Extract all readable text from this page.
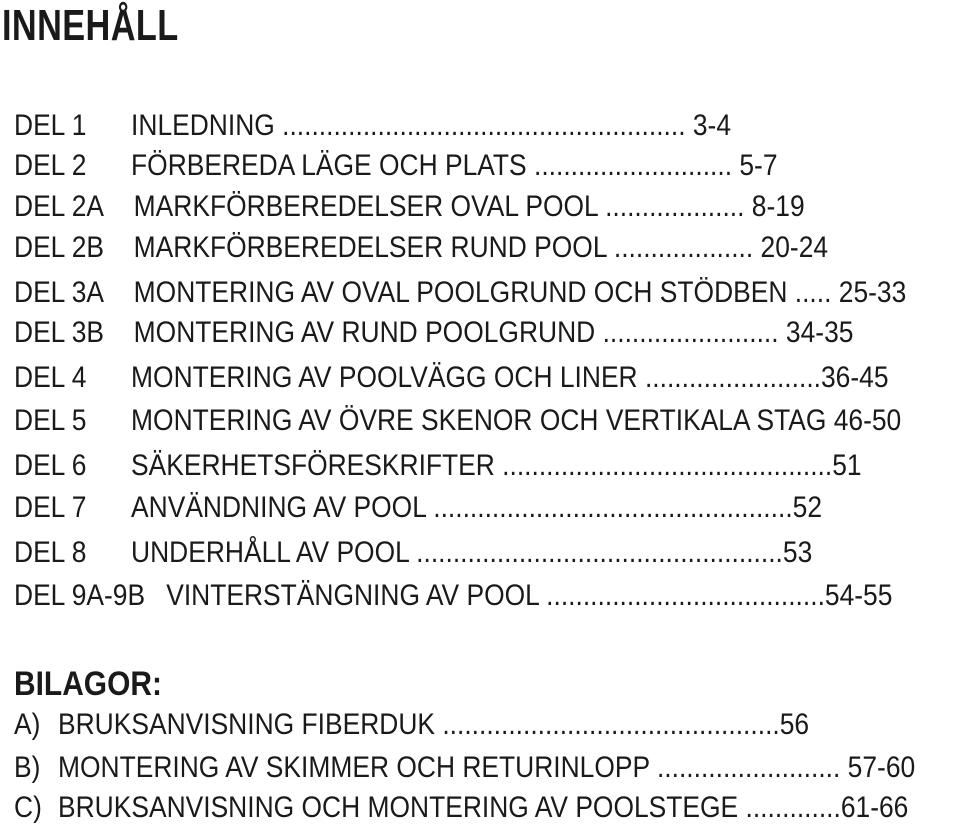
INNEHÅLL
DEL 1 INLEDNING ....................................................... 3-4
DEL 2 FÖRBEREDA LÄGE OCH PLATS ........................... 5-7
DEL 2A MARKFÖRBEREDELSER OVAL POOL ................... 8-19
DEL 2B MARKFÖRBEREDELSER RUND POOL ................... 20-24
DEL 3A MONTERING AV OVAL POOLGRUND OCH STÖDBEN ..... 25-33
DEL 3B MONTERING AV RUND POOLGRUND ........................ 34-35
DEL 4 MONTERING AV POOLVÄGG OCH LINER ........................36-45
DEL 5 MONTERING AV ÖVRE SKENOR OCH VERTIKALA STAG 46-50
DEL 6 SÄKERHETSFÖRESKRIFTER .............................................51
DEL 7 ANVÄNDNING AV POOL .................................................52
DEL 8 UNDERHÅLL AV POOL ..................................................53
DEL 9A-9B VINTERSTÄNGNING AV POOL ......................................54-55
BILAGOR:
A) BRUKSANVISNING FIBERDUK ..............................................56
B) MONTERING AV SKIMMER OCH RETURINLOPP ......................... 57-60
C) BRUKSANVISNING OCH MONTERING AV POOLSTEGE .............61-66
